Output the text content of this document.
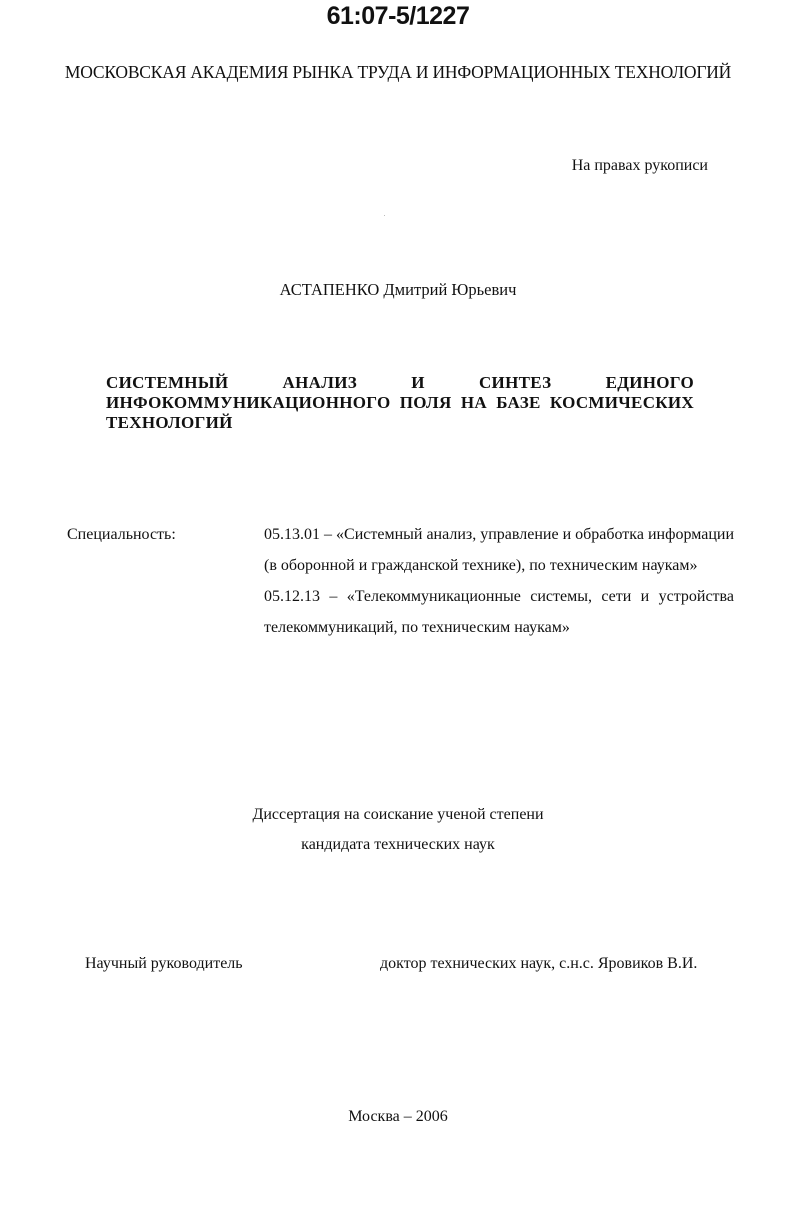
61:07-5/1227
МОСКОВСКАЯ АКАДЕМИЯ РЫНКА ТРУДА И ИНФОРМАЦИОННЫХ ТЕХНОЛОГИЙ
На правах рукописи
АСТАПЕНКО Дмитрий Юрьевич
СИСТЕМНЫЙ АНАЛИЗ И СИНТЕЗ ЕДИНОГО ИНФОКОММУНИКАЦИОННОГО ПОЛЯ НА БАЗЕ КОСМИЧЕСКИХ ТЕХНОЛОГИЙ
Специальность:	05.13.01 – «Системный анализ, управление и обработка информации (в оборонной и гражданской технике), по техническим наукам»
05.12.13 – «Телекоммуникационные системы, сети и устройства телекоммуникаций, по техническим наукам»
Диссертация на соискание ученой степени
кандидата технических наук
Научный руководитель	доктор технических наук, с.н.с. Яровиков В.И.
Москва – 2006
